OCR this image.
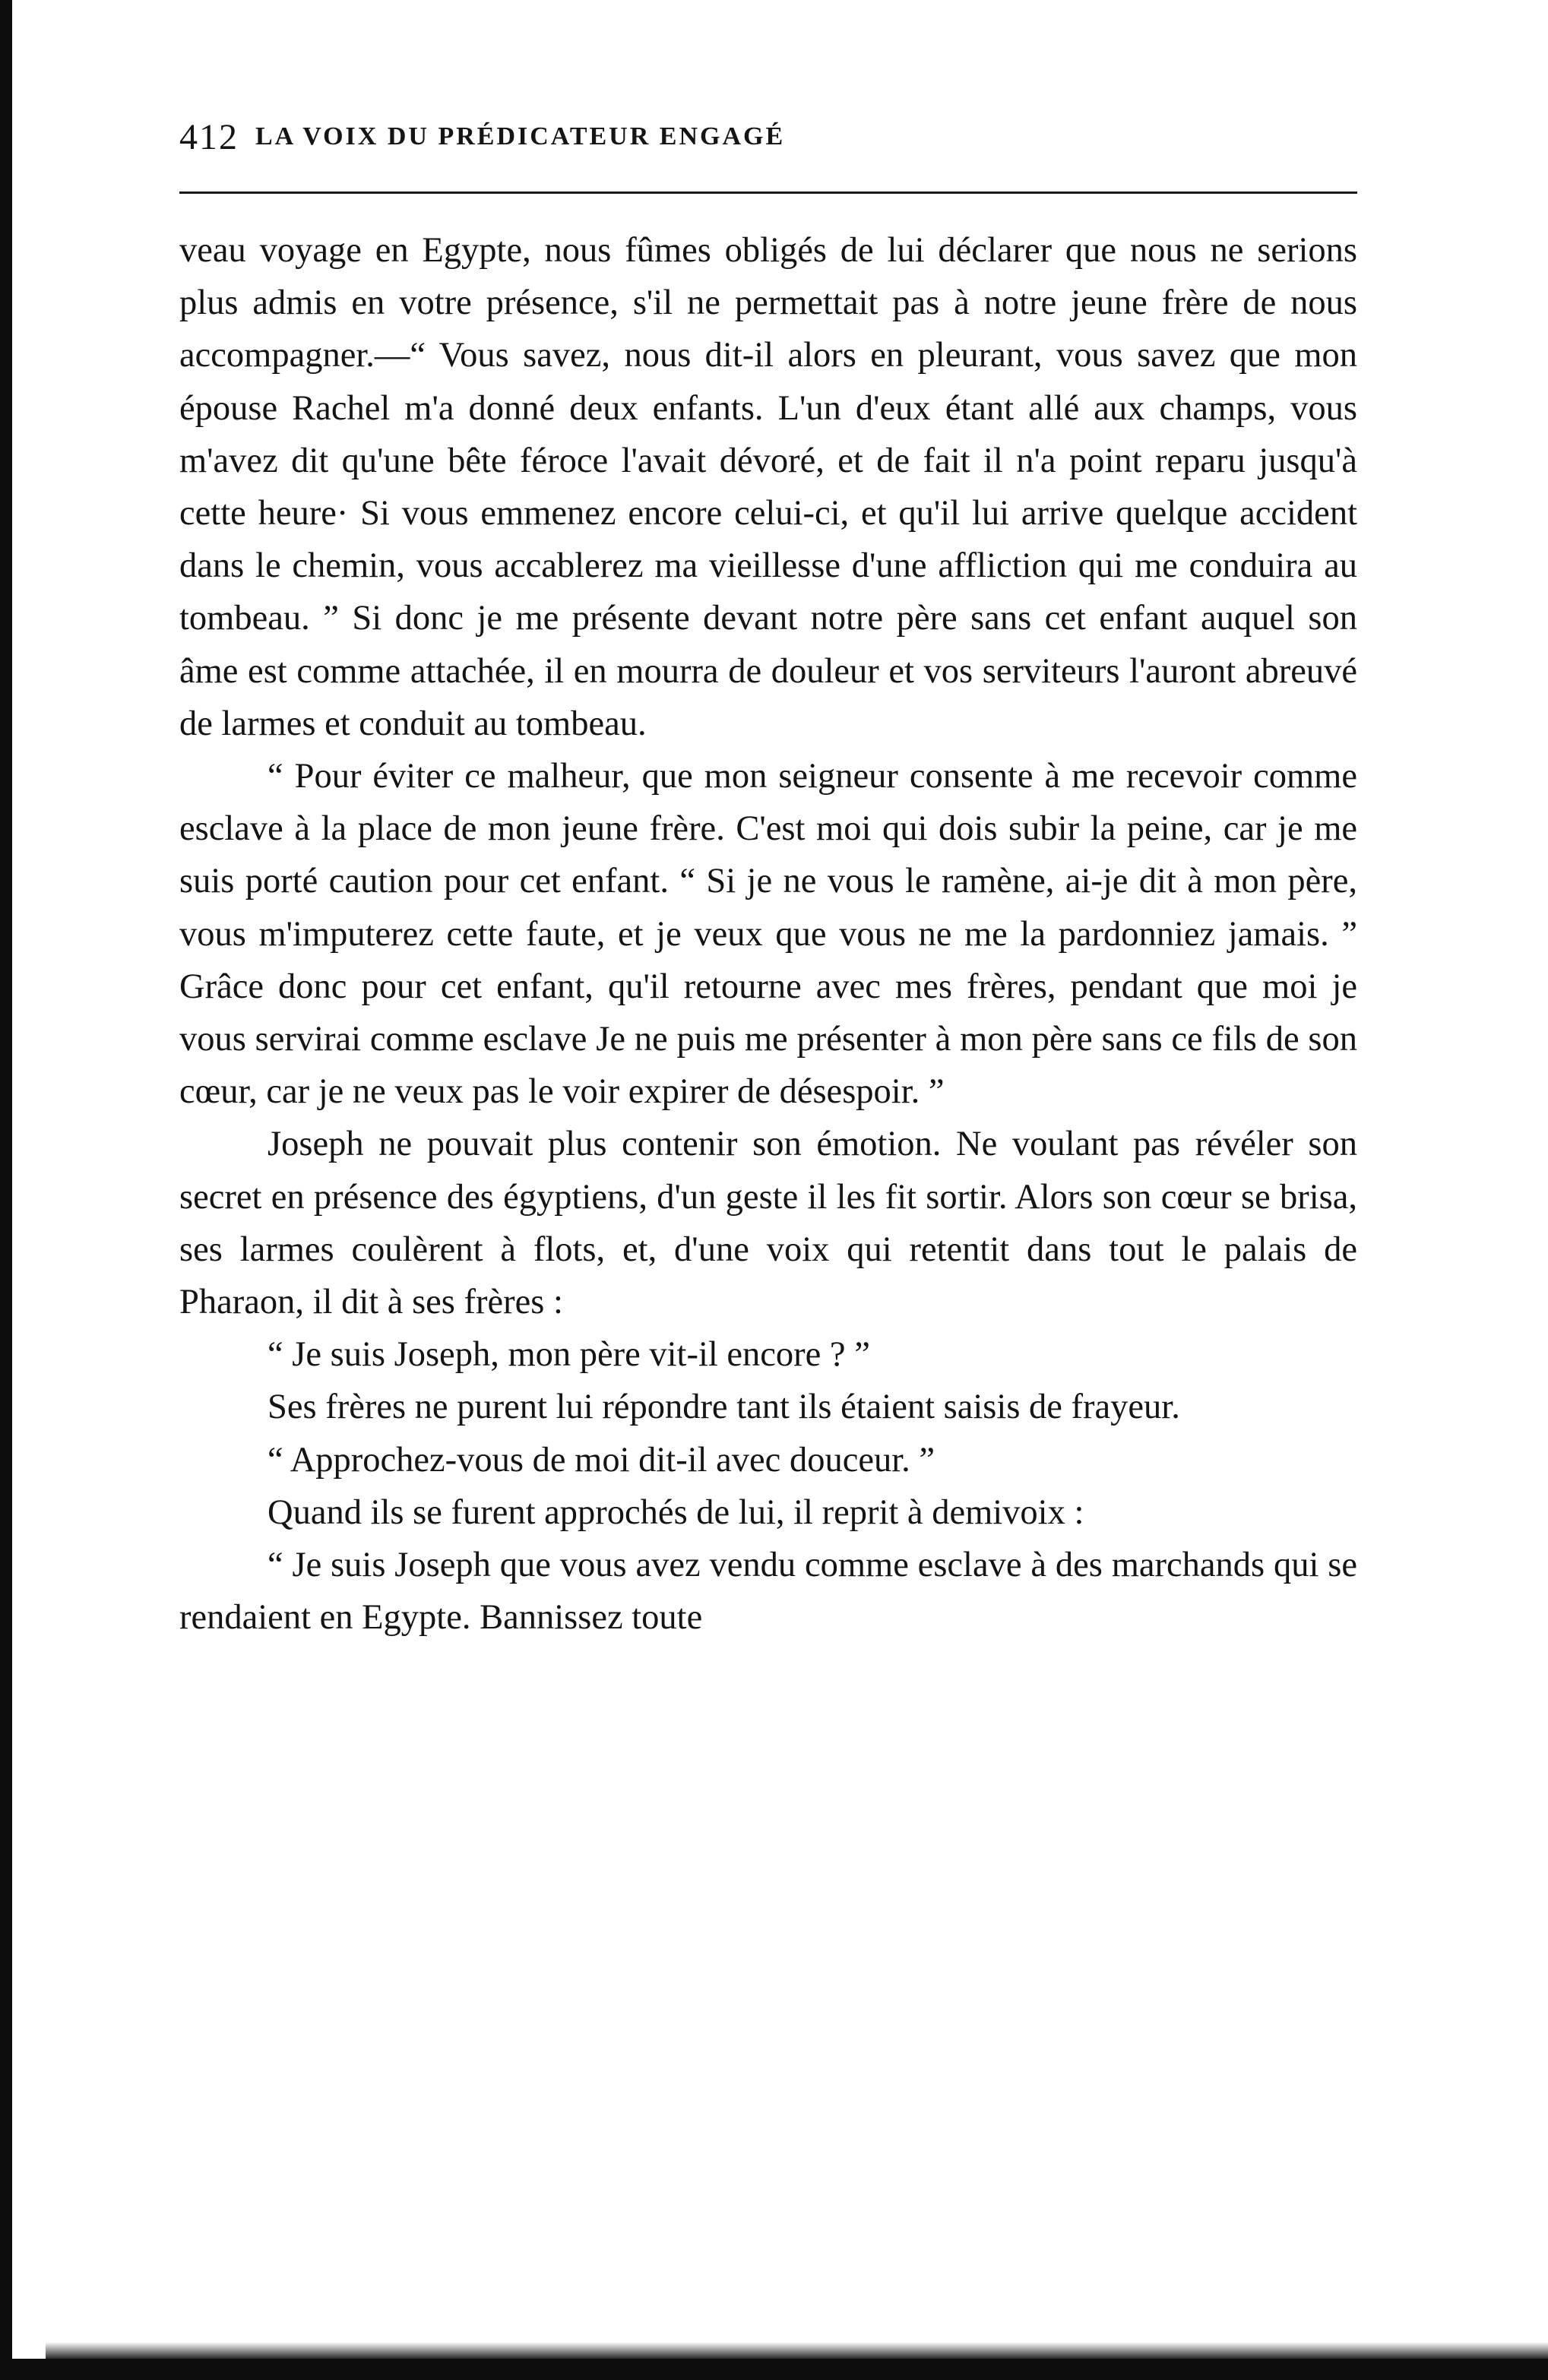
412 LA VOIX DU PRÉDICATEUR ENGAGÉ

veau voyage en Egypte, nous fûmes obligés de lui déclarer que nous ne serions plus admis en votre présence, s'il ne permettait pas à notre jeune frère de nous accompagner.—“ Vous savez, nous dit-il alors en pleurant, vous savez que mon épouse Rachel m'a donné deux enfants. L'un d'eux étant allé aux champs, vous m'avez dit qu'une bête féroce l'avait dévoré, et de fait il n'a point reparu jusqu'à cette heure· Si vous emmenez encore celui-ci, et qu'il lui arrive quelque accident dans le chemin, vous accablerez ma vieillesse d'une affliction qui me conduira au tombeau. ” Si donc je me présente devant notre père sans cet enfant auquel son âme est comme attachée, il en mourra de douleur et vos serviteurs l'auront abreuvé de larmes et conduit au tombeau.

“ Pour éviter ce malheur, que mon seigneur consente à me recevoir comme esclave à la place de mon jeune frère. C'est moi qui dois subir la peine, car je me suis porté caution pour cet enfant. “ Si je ne vous le ramène, ai-je dit à mon père, vous m'imputerez cette faute, et je veux que vous ne me la pardonniez jamais. ” Grâce donc pour cet enfant, qu'il retourne avec mes frères, pendant que moi je vous servirai comme esclave Je ne puis me présenter à mon père sans ce fils de son cœur, car je ne veux pas le voir expirer de désespoir. ”

Joseph ne pouvait plus contenir son émotion. Ne voulant pas révéler son secret en présence des égyptiens, d'un geste il les fit sortir. Alors son cœur se brisa, ses larmes coulèrent à flots, et, d'une voix qui retentit dans tout le palais de Pharaon, il dit à ses frères :

“ Je suis Joseph, mon père vit-il encore ? ”

Ses frères ne purent lui répondre tant ils étaient saisis de frayeur.

“ Approchez-vous de moi dit-il avec douceur. ”

Quand ils se furent approchés de lui, il reprit à demivoix :

“ Je suis Joseph que vous avez vendu comme esclave à des marchands qui se rendaient en Egypte. Bannissez toute
